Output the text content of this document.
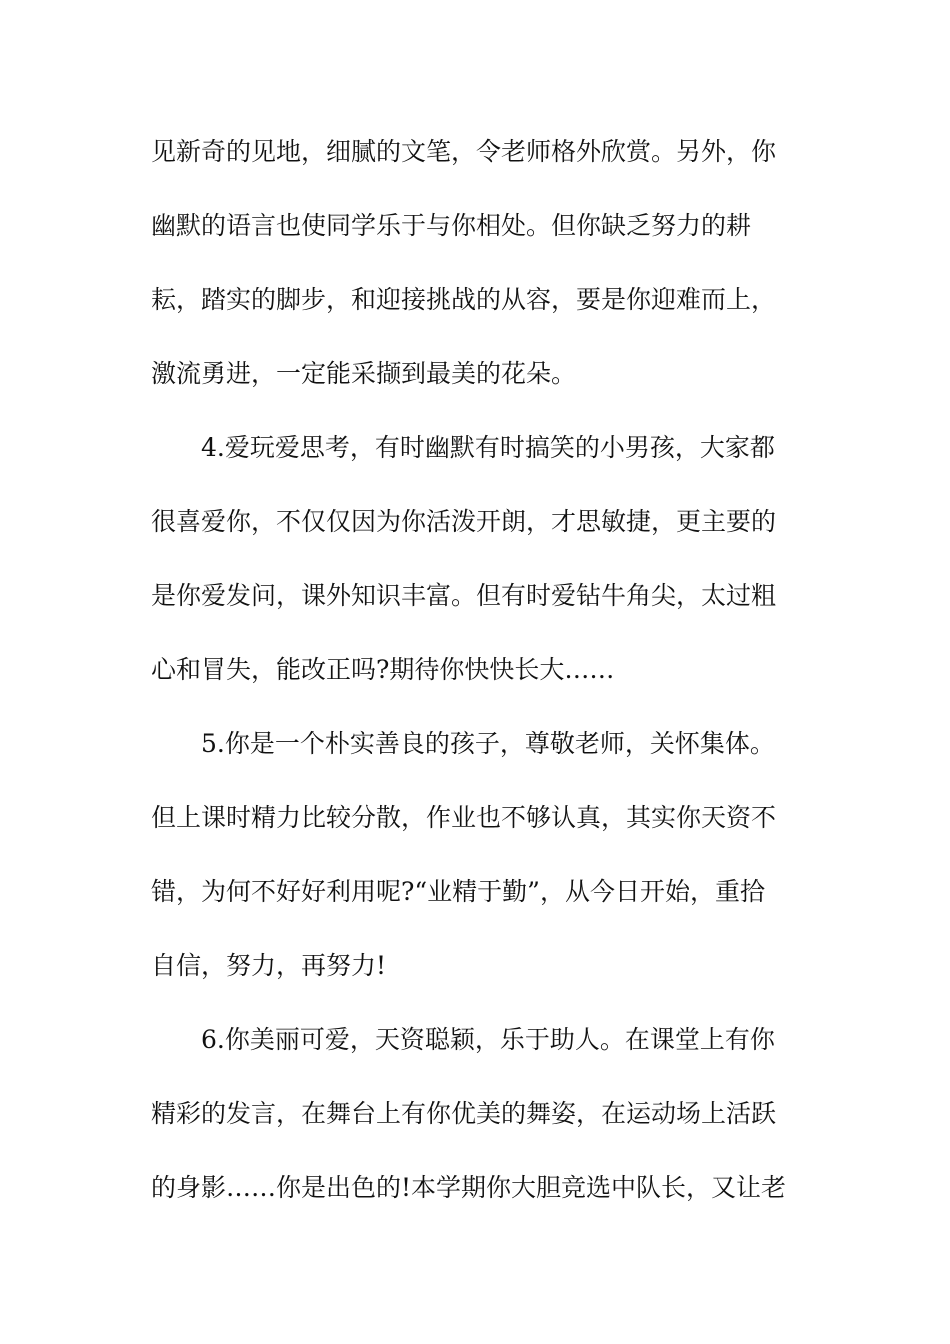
见新奇的见地，细腻的文笔，令老师格外欣赏。另外，你

幽默的语言也使同学乐于与你相处。但你缺乏努力的耕

耘，踏实的脚步，和迎接挑战的从容，要是你迎难而上，

激流勇进，一定能采撷到最美的花朵。

4.爱玩爱思考，有时幽默有时搞笑的小男孩，大家都

很喜爱你，不仅仅因为你活泼开朗，才思敏捷，更主要的

是你爱发问，课外知识丰富。但有时爱钻牛角尖，太过粗

心和冒失，能改正吗?期待你快快长大……

5.你是一个朴实善良的孩子，尊敬老师，关怀集体。

但上课时精力比较分散，作业也不够认真，其实你天资不

错，为何不好好利用呢?“业精于勤”，从今日开始，重拾

自信，努力，再努力!

6.你美丽可爱，天资聪颖，乐于助人。在课堂上有你

精彩的发言，在舞台上有你优美的舞姿，在运动场上活跃

的身影……你是出色的!本学期你大胆竞选中队长，又让老
